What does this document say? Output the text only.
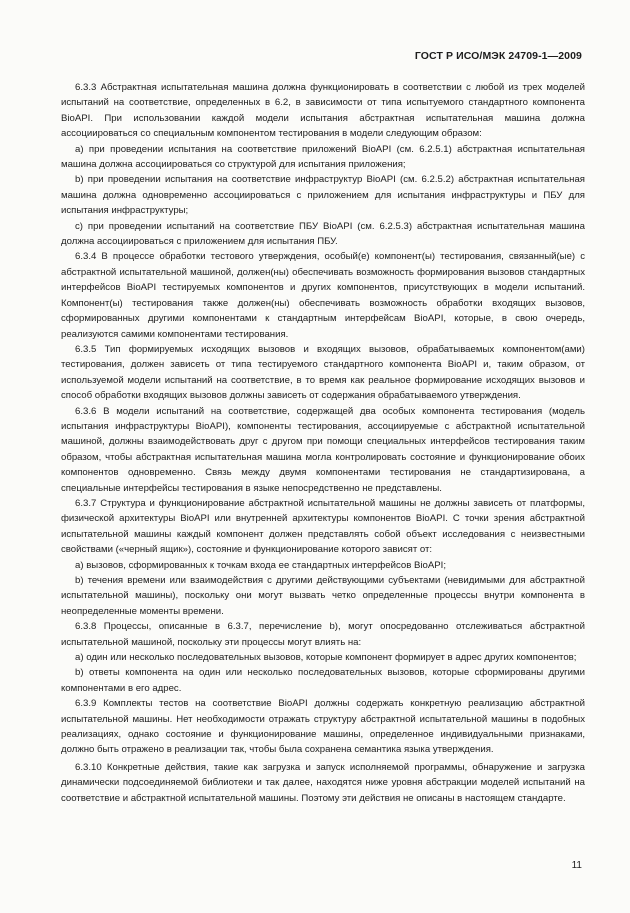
ГОСТ Р ИСО/МЭК 24709-1—2009

6.3.3 Абстрактная испытательная машина должна функционировать в соответствии с любой из трех моделей испытаний на соответствие, определенных в 6.2, в зависимости от типа испытуемого стандартного компонента BioAPI. При использовании каждой модели испытания абстрактная испытательная машина должна ассоциироваться со специальным компонентом тестирования в модели следующим образом:

а) при проведении испытания на соответствие приложений BioAPI (см. 6.2.5.1) абстрактная испытательная машина должна ассоциироваться со структурой для испытания приложения;

b) при проведении испытания на соответствие инфраструктур BioAPI (см. 6.2.5.2) абстрактная испытательная машина должна одновременно ассоциироваться с приложением для испытания инфраструктуры и ПБУ для испытания инфраструктуры;

с) при проведении испытаний на соответствие ПБУ BioAPI (см. 6.2.5.3) абстрактная испытательная машина должна ассоциироваться с приложением для испытания ПБУ.

6.3.4 В процессе обработки тестового утверждения, особый(е) компонент(ы) тестирования, связанный(ые) с абстрактной испытательной машиной, должен(ны) обеспечивать возможность формирования вызовов стандартных интерфейсов BioAPI тестируемых компонентов и других компонентов, присутствующих в модели испытаний. Компонент(ы) тестирования также должен(ны) обеспечивать возможность обработки входящих вызовов, сформированных другими компонентами к стандартным интерфейсам BioAPI, которые, в свою очередь, реализуются самими компонентами тестирования.

6.3.5 Тип формируемых исходящих вызовов и входящих вызовов, обрабатываемых компонентом(ами) тестирования, должен зависеть от типа тестируемого стандартного компонента BioAPI и, таким образом, от используемой модели испытаний на соответствие, в то время как реальное формирование исходящих вызовов и способ обработки входящих вызовов должны зависеть от содержания обрабатываемого утверждения.

6.3.6 В модели испытаний на соответствие, содержащей два особых компонента тестирования (модель испытания инфраструктуры BioAPI), компоненты тестирования, ассоциируемые с абстрактной испытательной машиной, должны взаимодействовать друг с другом при помощи специальных интерфейсов тестирования таким образом, чтобы абстрактная испытательная машина могла контролировать состояние и функционирование обоих компонентов одновременно. Связь между двумя компонентами тестирования не стандартизирована, а специальные интерфейсы тестирования в языке непосредственно не представлены.

6.3.7 Структура и функционирование абстрактной испытательной машины не должны зависеть от платформы, физической архитектуры BioAPI или внутренней архитектуры компонентов BioAPI. С точки зрения абстрактной испытательной машины каждый компонент должен представлять собой объект исследования с неизвестными свойствами («черный ящик»), состояние и функционирование которого зависят от:

а) вызовов, сформированных к точкам входа ее стандартных интерфейсов BioAPI;

b) течения времени или взаимодействия с другими действующими субъектами (невидимыми для абстрактной испытательной машины), поскольку они могут вызвать четко определенные процессы внутри компонента в неопределенные моменты времени.

6.3.8 Процессы, описанные в 6.3.7, перечисление b), могут опосредованно отслеживаться абстрактной испытательной машиной, поскольку эти процессы могут влиять на:

а) один или несколько последовательных вызовов, которые компонент формирует в адрес других компонентов;

b) ответы компонента на один или несколько последовательных вызовов, которые сформированы другими компонентами в его адрес.

6.3.9 Комплекты тестов на соответствие BioAPI должны содержать конкретную реализацию абстрактной испытательной машины. Нет необходимости отражать структуру абстрактной испытательной машины в подобных реализациях, однако состояние и функционирование машины, определенное индивидуальными признаками, должно быть отражено в реализации так, чтобы была сохранена семантика языка утверждения.

6.3.10 Конкретные действия, такие как загрузка и запуск исполняемой программы, обнаружение и загрузка динамически подсоединяемой библиотеки и так далее, находятся ниже уровня абстракции моделей испытаний на соответствие и абстрактной испытательной машины. Поэтому эти действия не описаны в настоящем стандарте.

11
